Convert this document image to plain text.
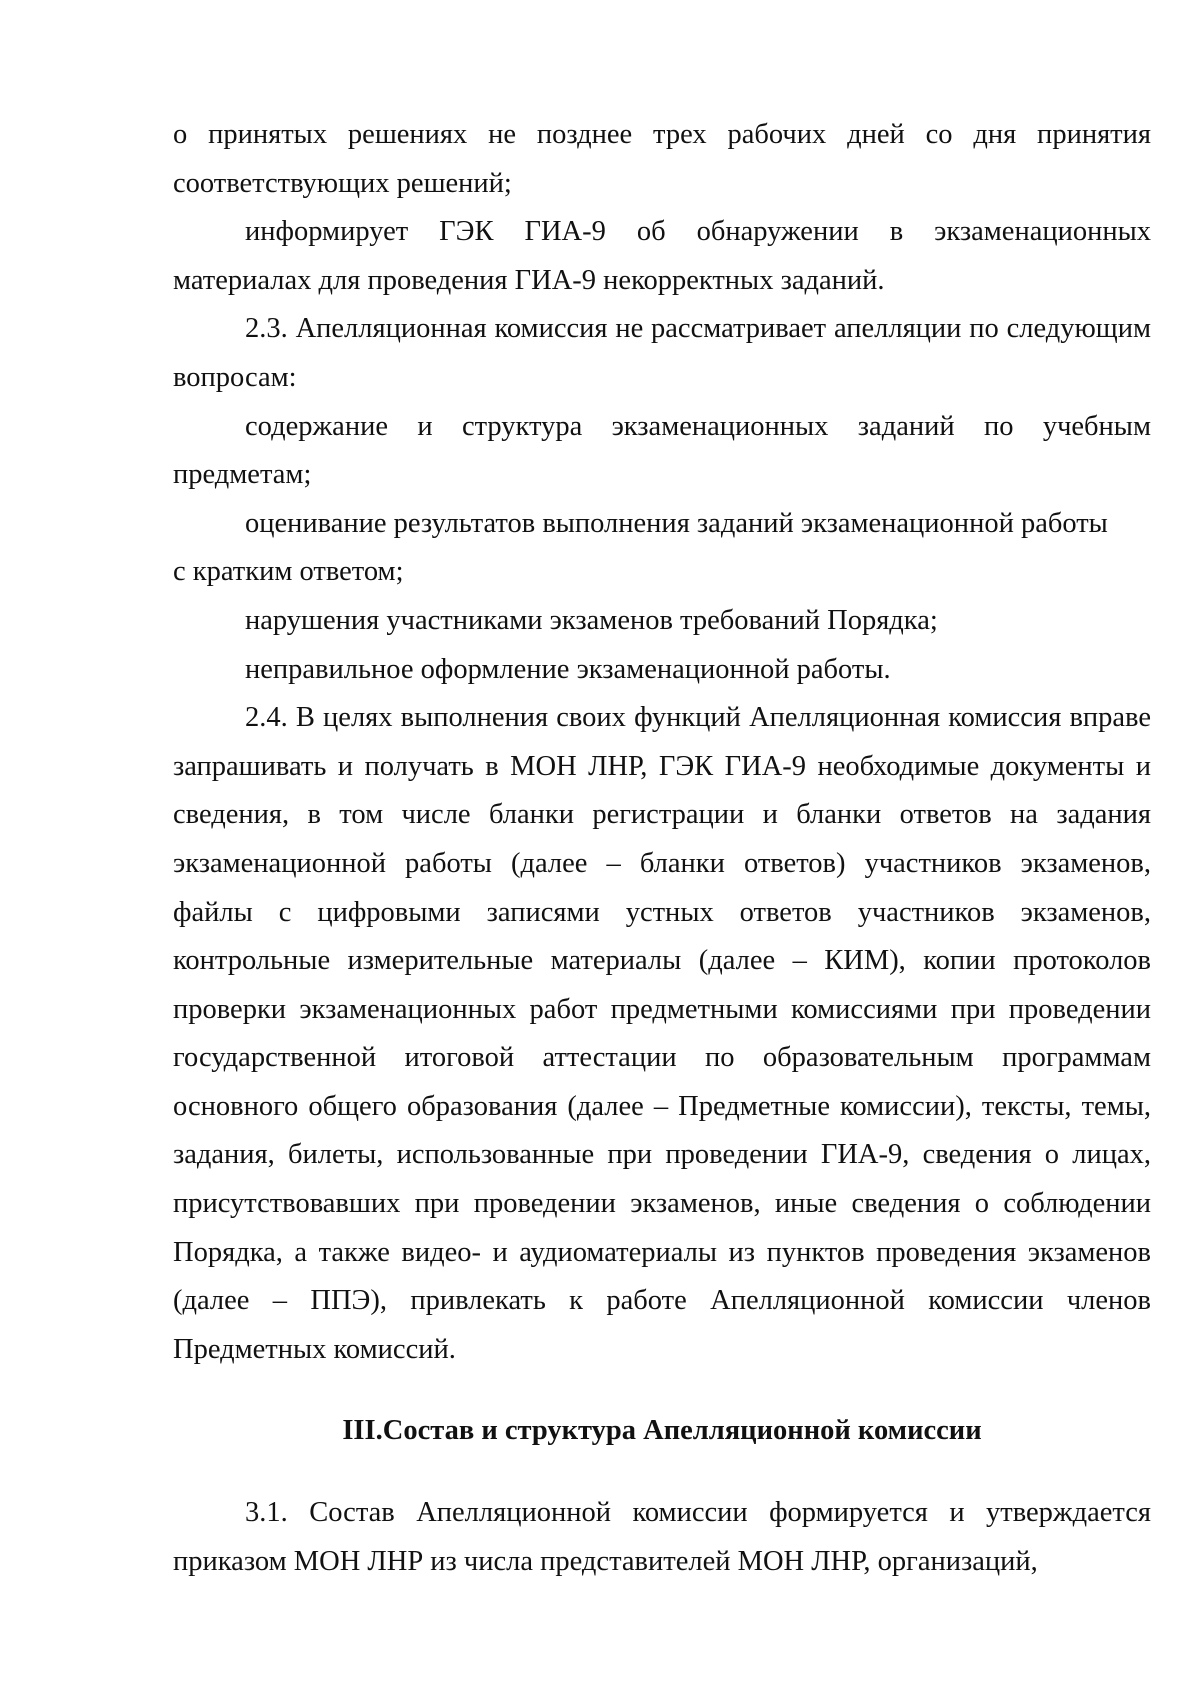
о принятых решениях не позднее трех рабочих дней со дня принятия соответствующих решений;

информирует ГЭК ГИА-9 об обнаружении в экзаменационных материалах для проведения ГИА-9 некорректных заданий.

2.3. Апелляционная комиссия не рассматривает апелляции по следующим вопросам:

содержание и структура экзаменационных заданий по учебным предметам;

оценивание результатов выполнения заданий экзаменационной работы

с кратким ответом;

нарушения участниками экзаменов требований Порядка;

неправильное оформление экзаменационной работы.

2.4. В целях выполнения своих функций Апелляционная комиссия вправе запрашивать и получать в МОН ЛНР, ГЭК ГИА-9 необходимые документы и сведения, в том числе бланки регистрации и бланки ответов на задания экзаменационной работы (далее – бланки ответов) участников экзаменов, файлы с цифровыми записями устных ответов участников экзаменов, контрольные измерительные материалы (далее – КИМ), копии протоколов проверки экзаменационных работ предметными комиссиями при проведении государственной итоговой аттестации по образовательным программам основного общего образования (далее – Предметные комиссии), тексты, темы, задания, билеты, использованные при проведении ГИА-9, сведения о лицах, присутствовавших при проведении экзаменов, иные сведения о соблюдении Порядка, а также видео- и аудиоматериалы из пунктов проведения экзаменов (далее – ППЭ), привлекать к работе Апелляционной комиссии членов Предметных комиссий.

III.Состав и структура Апелляционной комиссии

3.1. Состав Апелляционной комиссии формируется и утверждается приказом МОН ЛНР из числа представителей МОН ЛНР, организаций,
